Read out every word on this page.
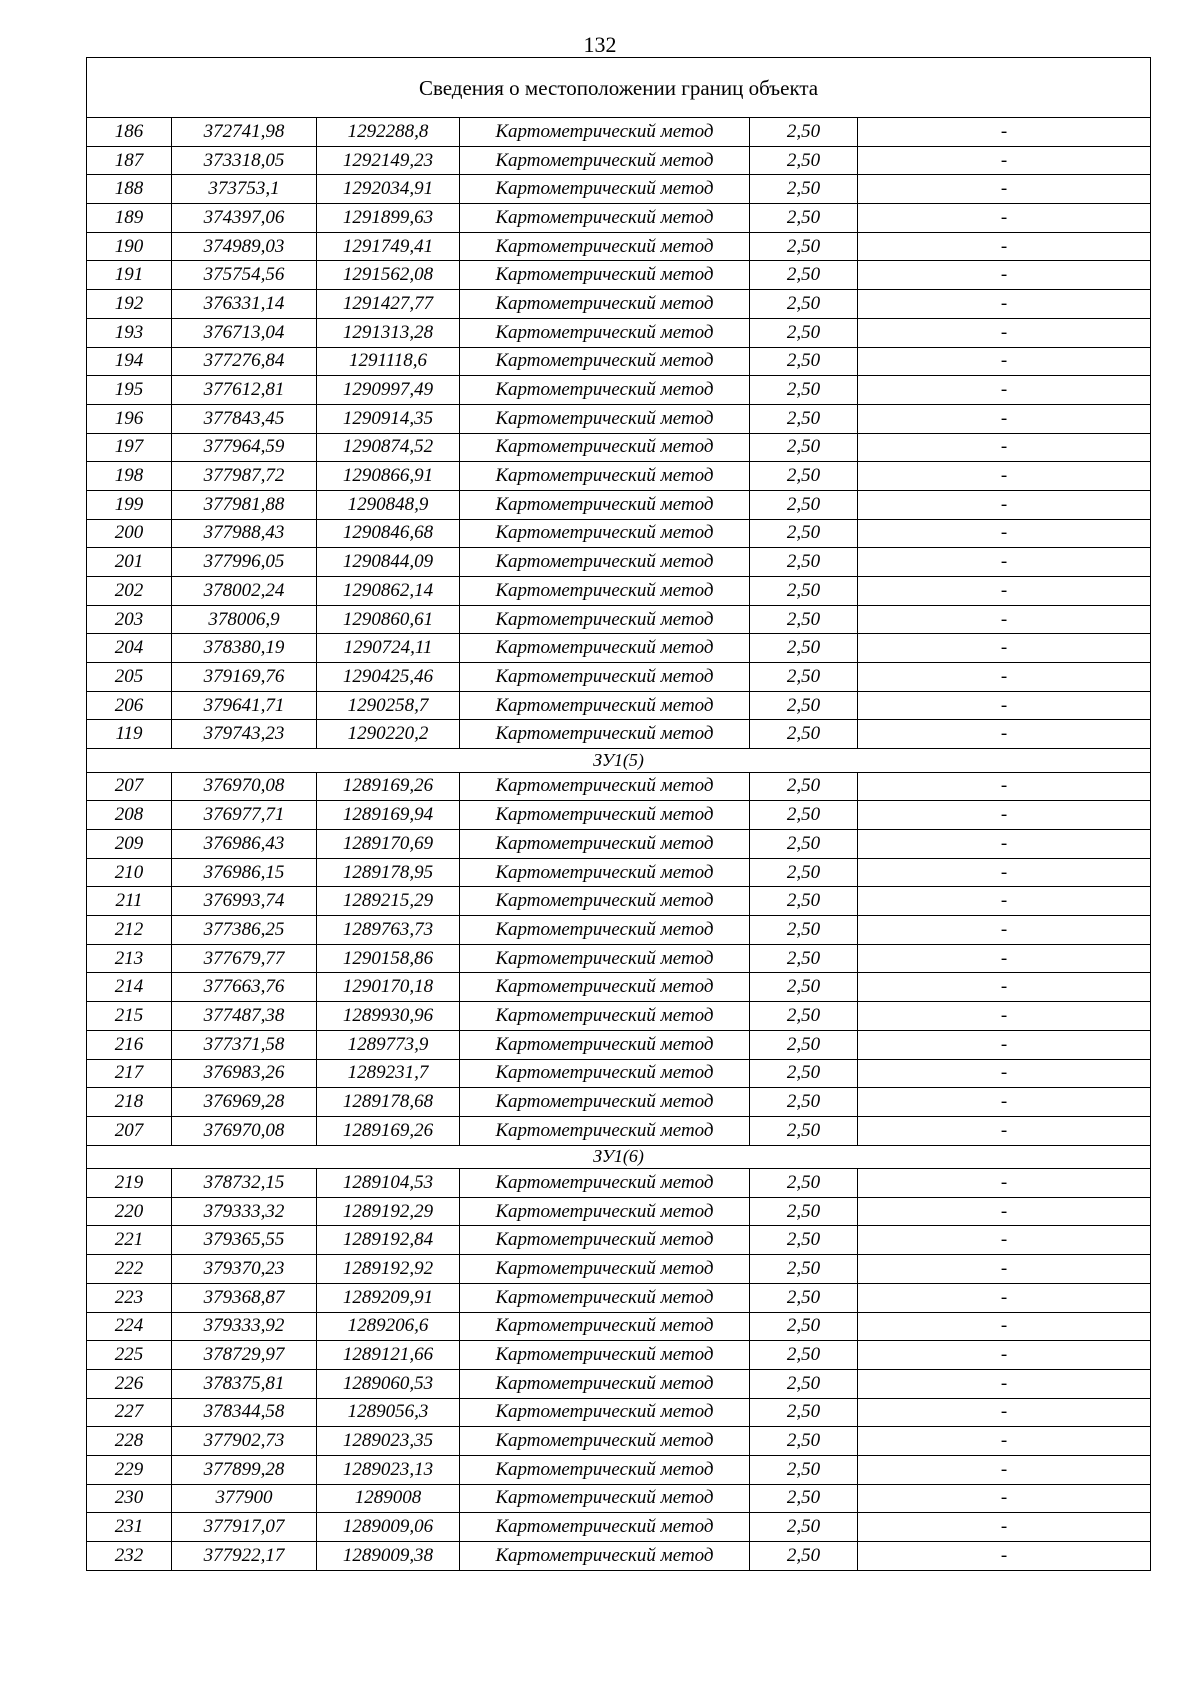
132
Сведения о местоположении границ объекта					
186	372741,98	1292288,8	Картометрический метод	2,50	-
187	373318,05	1292149,23	Картометрический метод	2,50	-
188	373753,1	1292034,91	Картометрический метод	2,50	-
189	374397,06	1291899,63	Картометрический метод	2,50	-
190	374989,03	1291749,41	Картометрический метод	2,50	-
191	375754,56	1291562,08	Картометрический метод	2,50	-
192	376331,14	1291427,77	Картометрический метод	2,50	-
193	376713,04	1291313,28	Картометрический метод	2,50	-
194	377276,84	1291118,6	Картометрический метод	2,50	-
195	377612,81	1290997,49	Картометрический метод	2,50	-
196	377843,45	1290914,35	Картометрический метод	2,50	-
197	377964,59	1290874,52	Картометрический метод	2,50	-
198	377987,72	1290866,91	Картометрический метод	2,50	-
199	377981,88	1290848,9	Картометрический метод	2,50	-
200	377988,43	1290846,68	Картометрический метод	2,50	-
201	377996,05	1290844,09	Картометрический метод	2,50	-
202	378002,24	1290862,14	Картометрический метод	2,50	-
203	378006,9	1290860,61	Картометрический метод	2,50	-
204	378380,19	1290724,11	Картометрический метод	2,50	-
205	379169,76	1290425,46	Картометрический метод	2,50	-
206	379641,71	1290258,7	Картометрический метод	2,50	-
119	379743,23	1290220,2	Картометрический метод	2,50	-
ЗУ1(5)					
207	376970,08	1289169,26	Картометрический метод	2,50	-
208	376977,71	1289169,94	Картометрический метод	2,50	-
209	376986,43	1289170,69	Картометрический метод	2,50	-
210	376986,15	1289178,95	Картометрический метод	2,50	-
211	376993,74	1289215,29	Картометрический метод	2,50	-
212	377386,25	1289763,73	Картометрический метод	2,50	-
213	377679,77	1290158,86	Картометрический метод	2,50	-
214	377663,76	1290170,18	Картометрический метод	2,50	-
215	377487,38	1289930,96	Картометрический метод	2,50	-
216	377371,58	1289773,9	Картометрический метод	2,50	-
217	376983,26	1289231,7	Картометрический метод	2,50	-
218	376969,28	1289178,68	Картометрический метод	2,50	-
207	376970,08	1289169,26	Картометрический метод	2,50	-
ЗУ1(6)					
219	378732,15	1289104,53	Картометрический метод	2,50	-
220	379333,32	1289192,29	Картометрический метод	2,50	-
221	379365,55	1289192,84	Картометрический метод	2,50	-
222	379370,23	1289192,92	Картометрический метод	2,50	-
223	379368,87	1289209,91	Картометрический метод	2,50	-
224	379333,92	1289206,6	Картометрический метод	2,50	-
225	378729,97	1289121,66	Картометрический метод	2,50	-
226	378375,81	1289060,53	Картометрический метод	2,50	-
227	378344,58	1289056,3	Картометрический метод	2,50	-
228	377902,73	1289023,35	Картометрический метод	2,50	-
229	377899,28	1289023,13	Картометрический метод	2,50	-
230	377900	1289008	Картометрический метод	2,50	-
231	377917,07	1289009,06	Картометрический метод	2,50	-
232	377922,17	1289009,38	Картометрический метод	2,50	-
